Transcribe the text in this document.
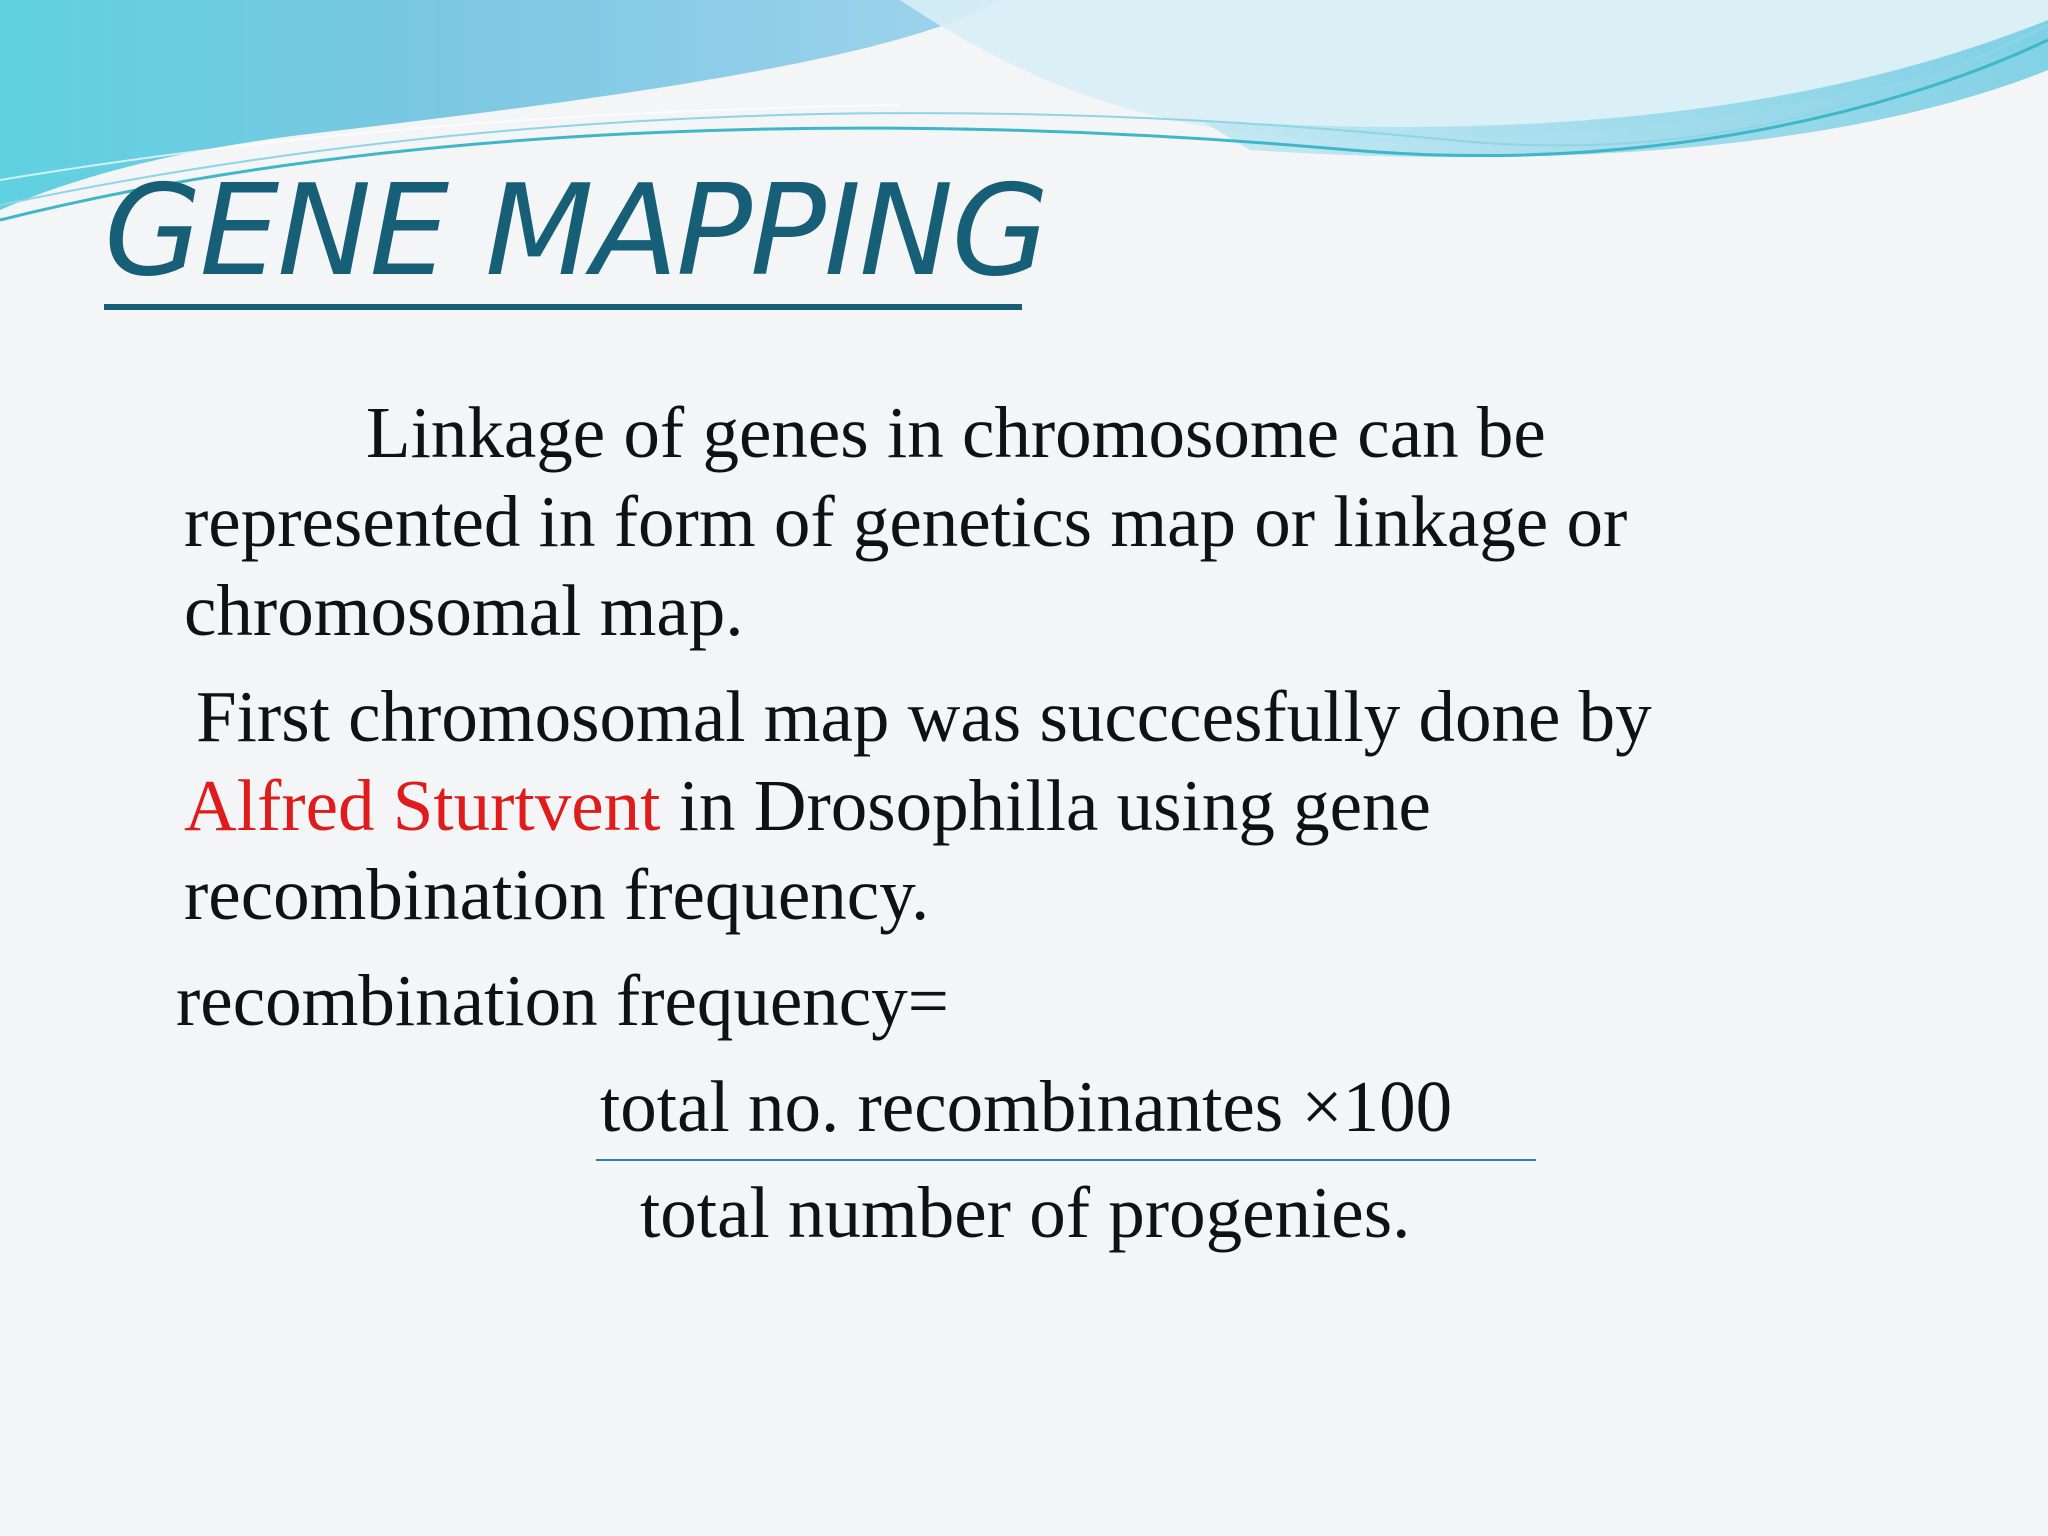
GENE MAPPING

Linkage of genes in chromosome can be represented in form of genetics map or linkage or chromosomal map.

First chromosomal map was succcesfully done by Alfred Sturtvent in Drosophilla using gene recombination frequency.

recombination frequency=

total no. recombinantes ×100

total number of progenies.
